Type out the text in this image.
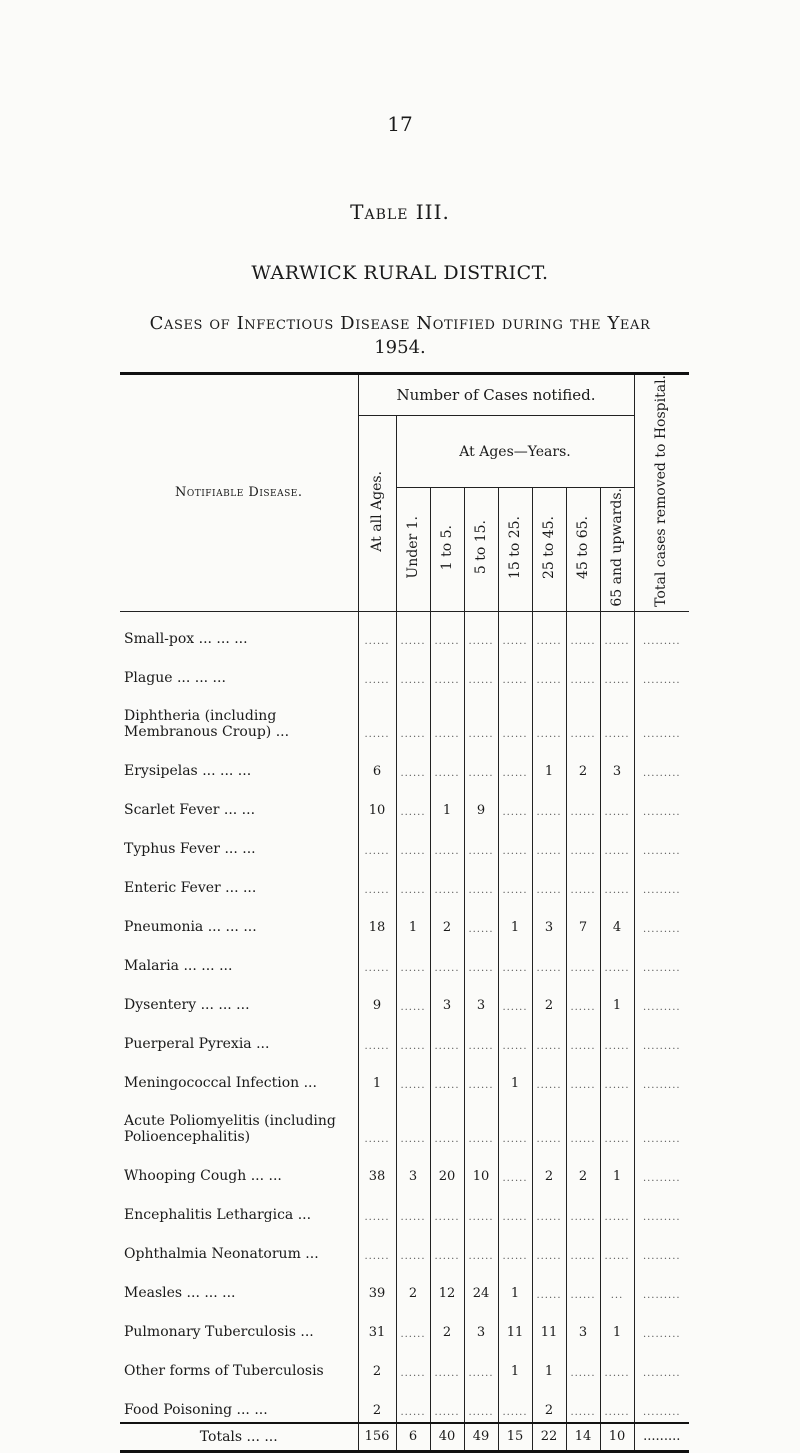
17
Table III.
WARWICK RURAL DISTRICT.
Cases of Infectious Disease Notified during the Year
1954.
Notifiable Disease.	Number of Cases notified.								Total cases removed to Hospital.
	At all Ages.	At Ages—Years.							
		Under 1.	1 to 5.	5 to 15.	15 to 25.	25 to 45.	45 to 65.	65 and upwards.	
Small-pox ... ... ...	......	......	......	......	......	......	......	......	.........
Plague ... ... ...	......	......	......	......	......	......	......	......	.........
Diphtheria (including Membranous Croup) ...	......	......	......	......	......	......	......	......	.........
Erysipelas ... ... ...	6	......	......	......	......	1	2	3	.........
Scarlet Fever ... ...	10	......	1	9	......	......	......	......	.........
Typhus Fever ... ...	......	......	......	......	......	......	......	......	.........
Enteric Fever ... ...	......	......	......	......	......	......	......	......	.........
Pneumonia ... ... ...	18	1	2	......	1	3	7	4	.........
Malaria ... ... ...	......	......	......	......	......	......	......	......	.........
Dysentery ... ... ...	9	......	3	3	......	2	......	1	.........
Puerperal Pyrexia ...	......	......	......	......	......	......	......	......	.........
Meningococcal Infection ...	1	......	......	......	1	......	......	......	.........
Acute Poliomyelitis (including Polioencephalitis)	......	......	......	......	......	......	......	......	.........
Whooping Cough ... ...	38	3	20	10	......	2	2	1	.........
Encephalitis Lethargica ...	......	......	......	......	......	......	......	......	.........
Ophthalmia Neonatorum ...	......	......	......	......	......	......	......	......	.........
Measles ... ... ...	39	2	12	24	1	......	......	...	.........
Pulmonary Tuberculosis ...	31	......	2	3	11	11	3	1	.........
Other forms of Tuberculosis	2	......	......	......	1	1	......	......	.........
Food Poisoning ... ...	2	......	......	......	......	2	......	......	.........
Totals ... ...	156	6	40	49	15	22	14	10	.........
